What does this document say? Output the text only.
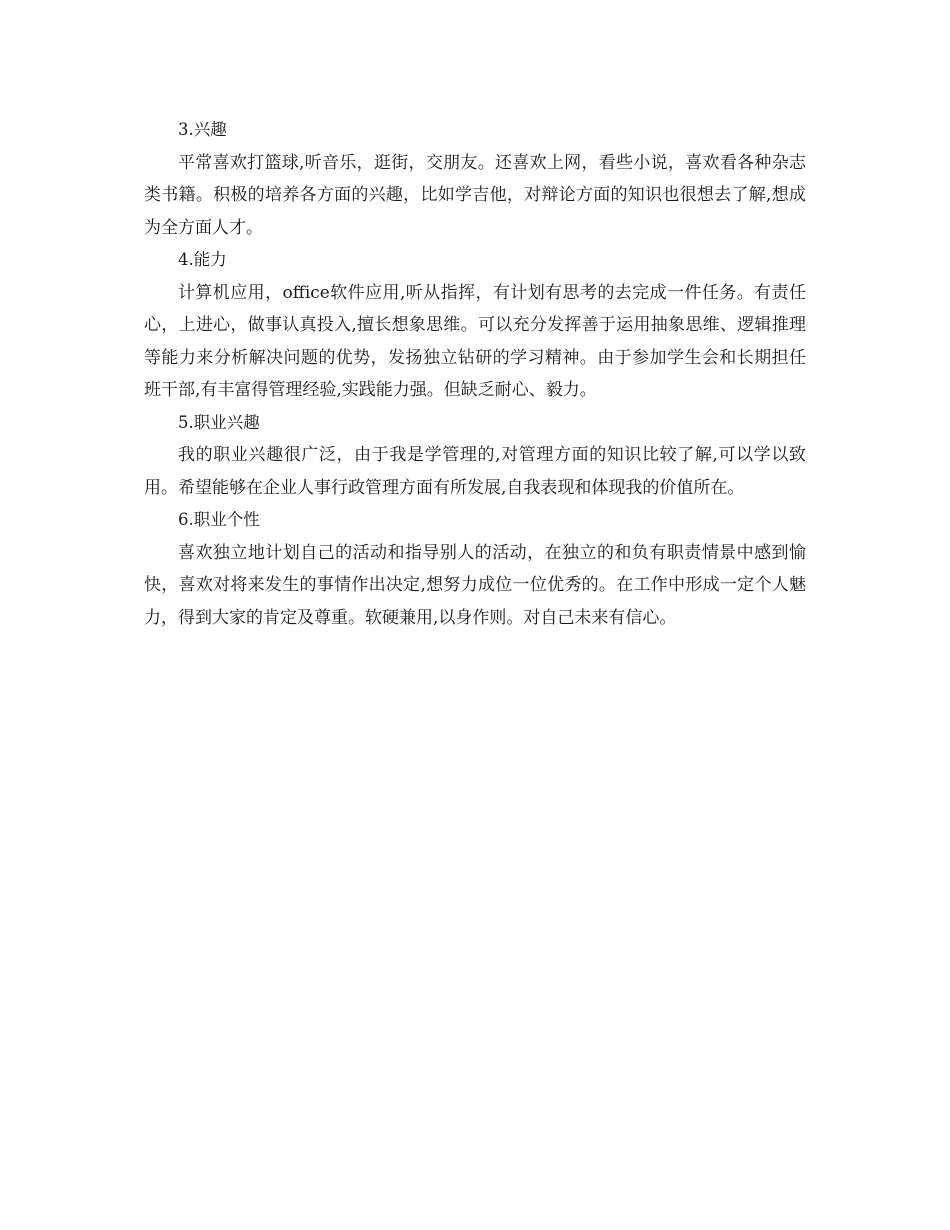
3.兴趣

平常喜欢打篮球,听音乐，逛街，交朋友。还喜欢上网，看些小说，喜欢看各种杂志类书籍。积极的培养各方面的兴趣，比如学吉他，对辩论方面的知识也很想去了解,想成为全方面人才。

4.能力

计算机应用，office软件应用,听从指挥，有计划有思考的去完成一件任务。有责任心，上进心，做事认真投入,擅长想象思维。可以充分发挥善于运用抽象思维、逻辑推理等能力来分析解决问题的优势，发扬独立钻研的学习精神。由于参加学生会和长期担任班干部,有丰富得管理经验,实践能力强。但缺乏耐心、毅力。

5.职业兴趣

我的职业兴趣很广泛，由于我是学管理的,对管理方面的知识比较了解,可以学以致用。希望能够在企业人事行政管理方面有所发展,自我表现和体现我的价值所在。

6.职业个性

喜欢独立地计划自己的活动和指导别人的活动，在独立的和负有职责情景中感到愉快，喜欢对将来发生的事情作出决定,想努力成位一位优秀的。在工作中形成一定个人魅力，得到大家的肯定及尊重。软硬兼用,以身作则。对自己未来有信心。
